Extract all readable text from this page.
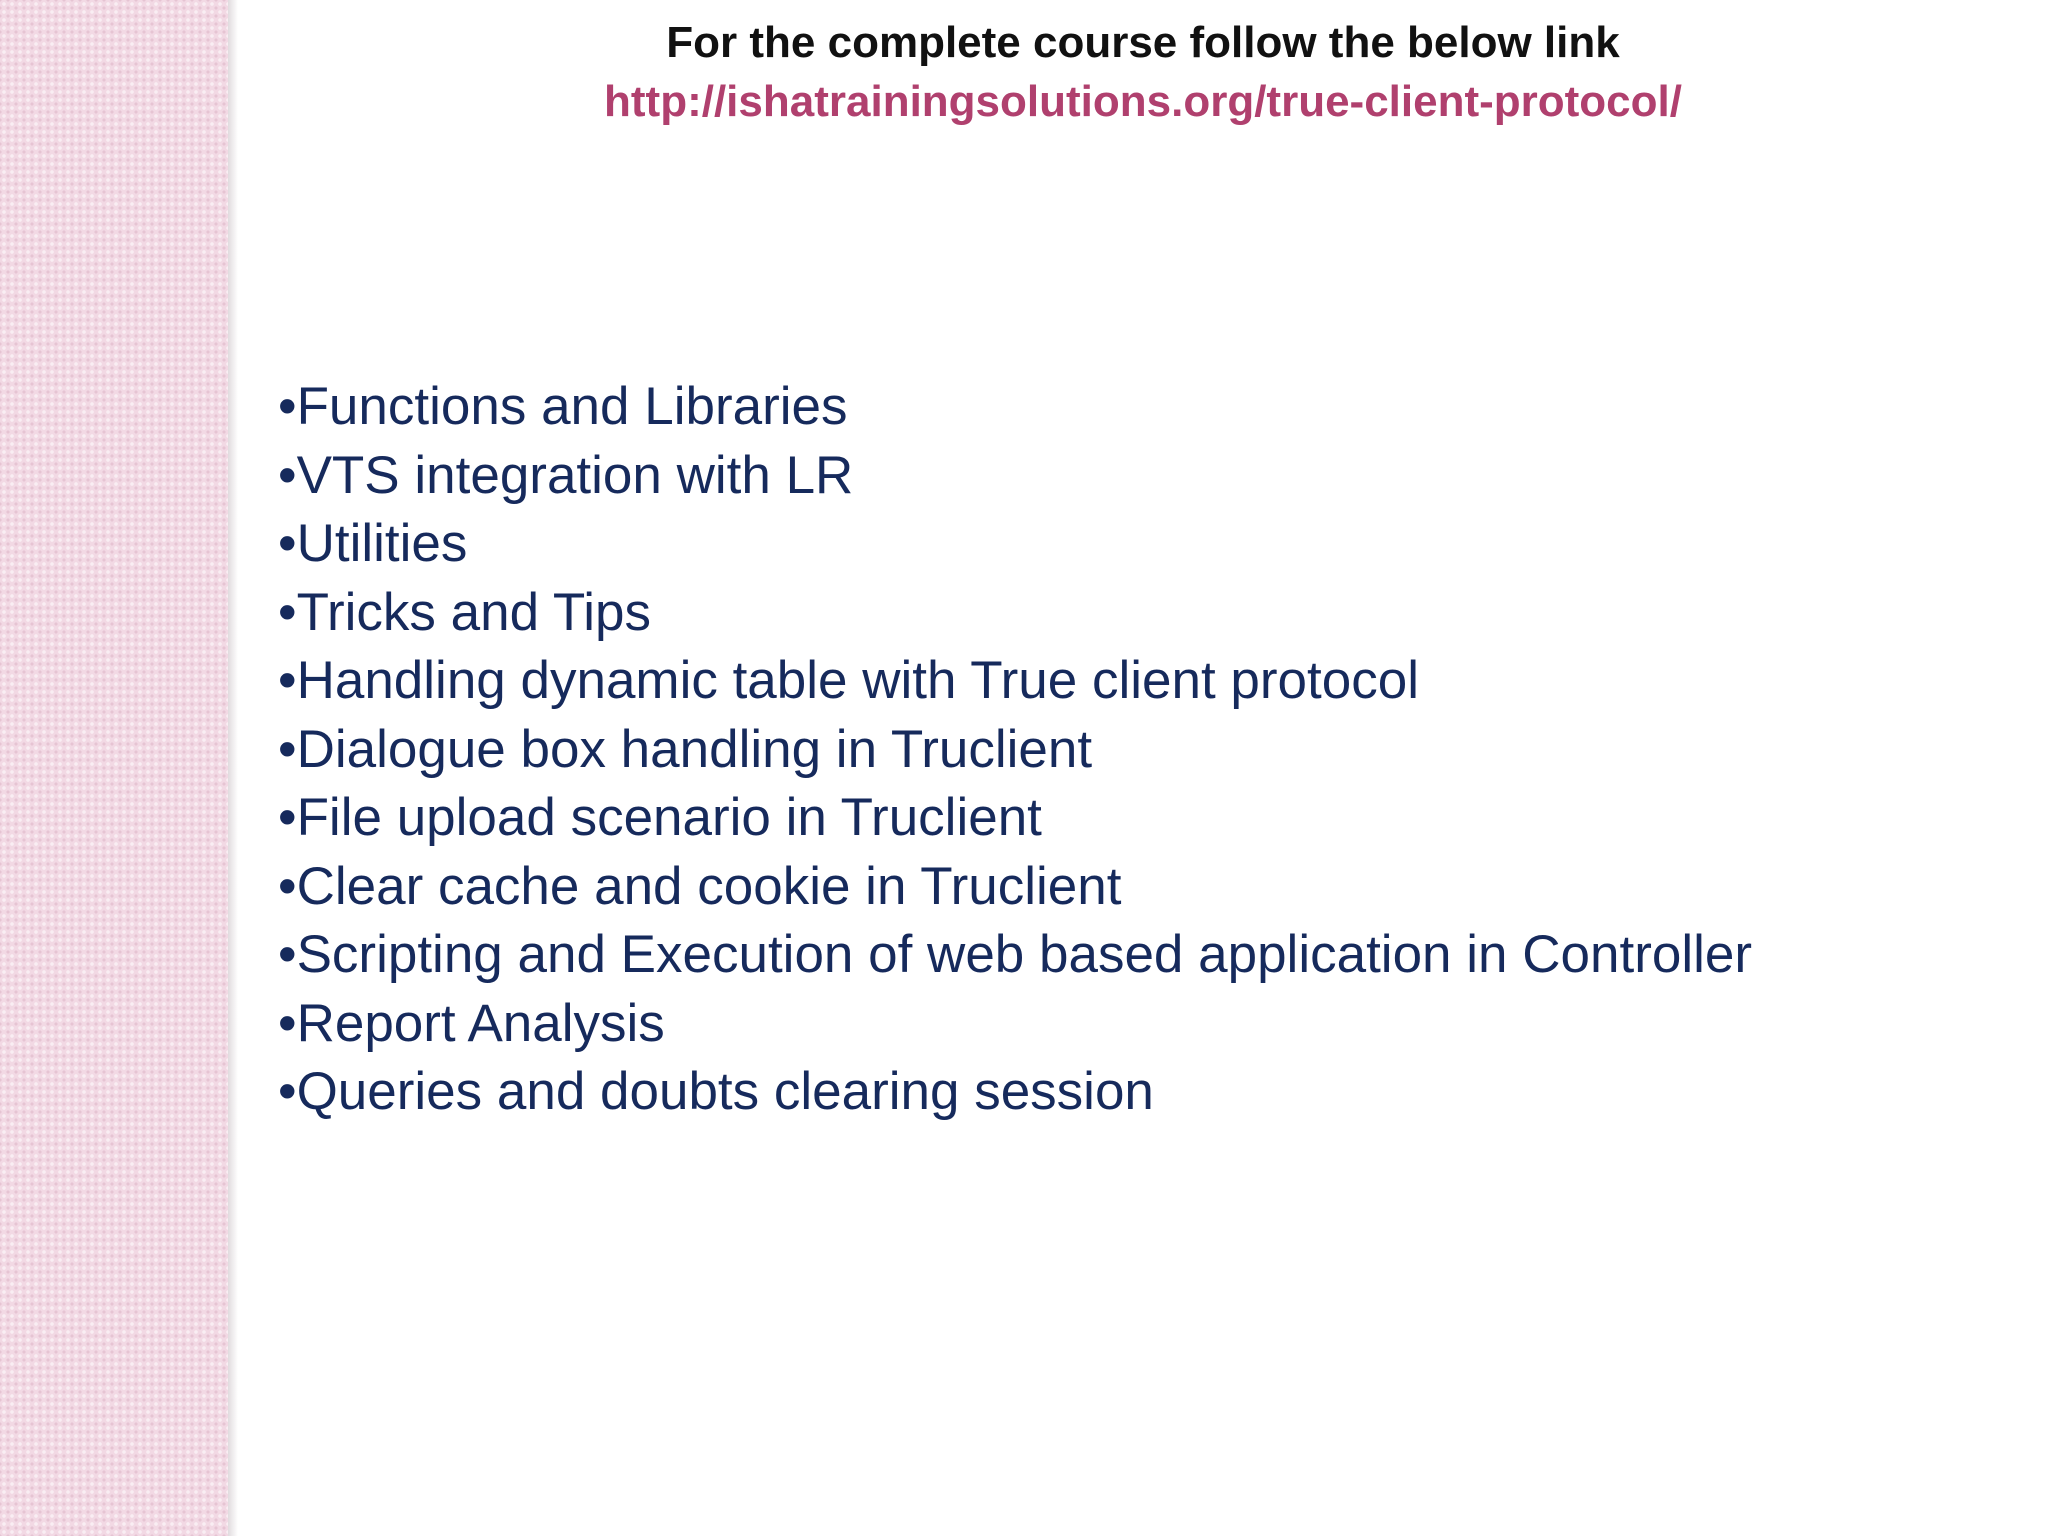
For the complete course follow the below link
http://ishatrainingsolutions.org/true-client-protocol/
•Functions and Libraries
•VTS integration with LR
•Utilities
•Tricks and Tips
•Handling dynamic table with True client protocol
•Dialogue box handling in Truclient
•File upload scenario in Truclient
•Clear cache and cookie in Truclient
•Scripting and Execution of web based application in Controller
•Report Analysis
•Queries and doubts clearing session
